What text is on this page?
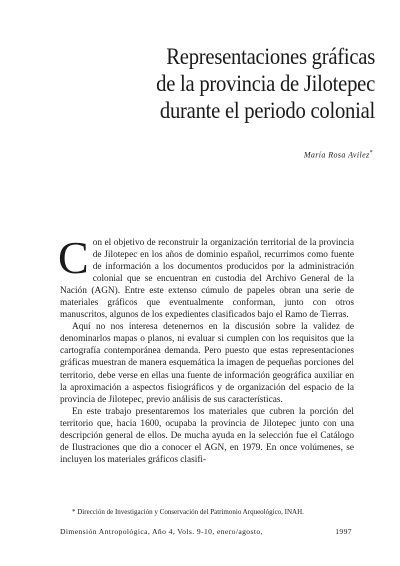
Representaciones gráficas
de la provincia de Jilotepec
durante el periodo colonial
María Rosa Avilez*

Con el objetivo de reconstruir la organización territorial de la provincia de Jilotepec en los años de dominio español, recurrimos como fuente de información a los documentos producidos por la administración colonial que se encuentran en custodia del Archivo General de la Nación (AGN). Entre este extenso cúmulo de papeles obran una serie de materiales gráficos que eventualmente conforman, junto con otros manuscritos, algunos de los expedientes clasificados bajo el Ramo de Tierras.

Aquí no nos interesa detenernos en la discusión sobre la validez de denominarlos mapas o planos, ni evaluar si cumplen con los requisitos que la cartografía contemporánea demanda. Pero puesto que estas representaciones gráficas muestran de manera esquemática la imagen de pequeñas porciones del territorio, debe verse en ellas una fuente de información geográfica auxiliar en la aproximación a aspectos fisiográficos y de organización del espacio de la provincia de Jilotepec, previo análisis de sus características.

En este trabajo presentaremos los materiales que cubren la porción del territorio que, hacia 1600, ocupaba la provincia de Jilotepec junto con una descripción general de ellos. De mucha ayuda en la selección fue el Catálogo de Ilustraciones que dio a conocer el AGN, en 1979. En once volúmenes, se incluyen los materiales gráficos clasifi-

* Dirección de Investigación y Conservación del Patrimonio Arqueológico, INAH.
Dimensión Antropológica, Año 4, Vols. 9-10, enero/agosto,	1997
